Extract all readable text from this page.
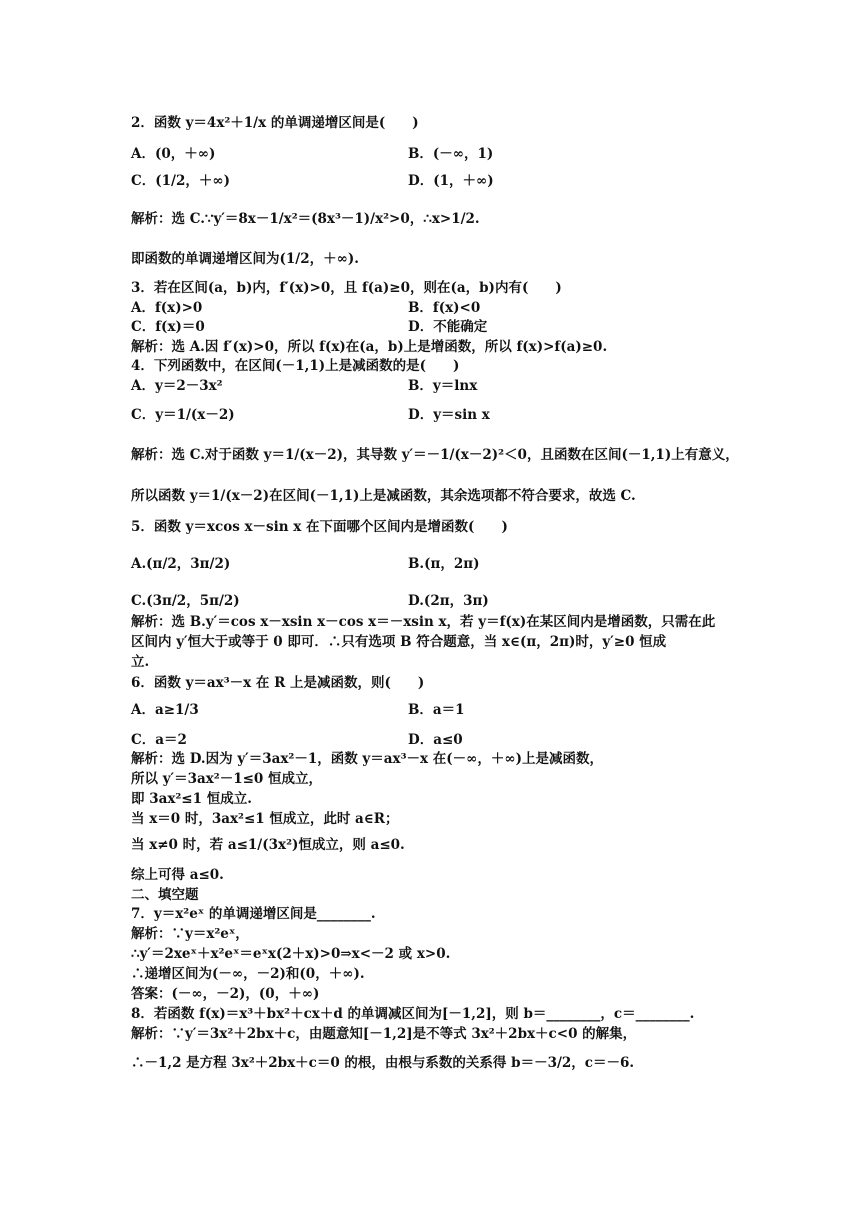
2．函数 y＝4x²＋1/x 的单调递增区间是(　　)
A．(0，＋∞)	B．(－∞，1)
C．(1/2，＋∞)	D．(1，＋∞)
解析：选 C.∵y′＝8x－1/x²＝(8x³－1)/x²>0，∴x>1/2.
即函数的单调递增区间为(1/2，＋∞).
3．若在区间(a，b)内，f′(x)>0，且 f(a)≥0，则在(a，b)内有(　　)
A．f(x)>0	B．f(x)<0
C．f(x)＝0	D．不能确定
解析：选 A.因 f′(x)>0，所以 f(x)在(a，b)上是增函数，所以 f(x)>f(a)≥0.
4．下列函数中，在区间(－1,1)上是减函数的是(　　)
A．y＝2－3x²	B．y＝lnx
C．y＝1/(x－2)	D．y＝sin x
解析：选 C.对于函数 y＝1/(x－2)，其导数 y′＝－1/(x－2)²＜0，且函数在区间(－1,1)上有意义，
所以函数 y＝1/(x－2)在区间(－1,1)上是减函数，其余选项都不符合要求，故选 C.
5．函数 y＝xcos x－sin x 在下面哪个区间内是增函数(　　)
A.(π/2，3π/2)	B.(π，2π)
C.(3π/2，5π/2)	D.(2π，3π)
解析：选 B.y′＝cos x－xsin x－cos x＝－xsin x，若 y＝f(x)在某区间内是增函数，只需在此
区间内 y′恒大于或等于 0 即可．∴只有选项 B 符合题意，当 x∈(π，2π)时，y′≥0 恒成
立.
6．函数 y＝ax³－x 在 R 上是减函数，则(　　)
A．a≥1/3	B．a＝1
C．a＝2	D．a≤0
解析：选 D.因为 y′＝3ax²－1，函数 y＝ax³－x 在(－∞，＋∞)上是减函数，
所以 y′＝3ax²－1≤0 恒成立，
即 3ax²≤1 恒成立.
当 x＝0 时，3ax²≤1 恒成立，此时 a∈R；
当 x≠0 时，若 a≤1/(3x²)恒成立，则 a≤0.
综上可得 a≤0.
二、填空题
7．y＝x²eˣ 的单调递增区间是________.
解析：∵y＝x²eˣ，
∴y′＝2xeˣ＋x²eˣ＝eˣx(2＋x)>0⇒x<－2 或 x>0.
∴递增区间为(－∞，－2)和(0，＋∞).
答案：(－∞，－2)，(0，＋∞)
8．若函数 f(x)＝x³＋bx²＋cx＋d 的单调减区间为[－1,2]，则 b＝________，c＝________.
解析：∵y′＝3x²＋2bx＋c，由题意知[－1,2]是不等式 3x²＋2bx＋c<0 的解集，
∴－1,2 是方程 3x²＋2bx＋c＝0 的根，由根与系数的关系得 b＝－3/2，c＝－6.
